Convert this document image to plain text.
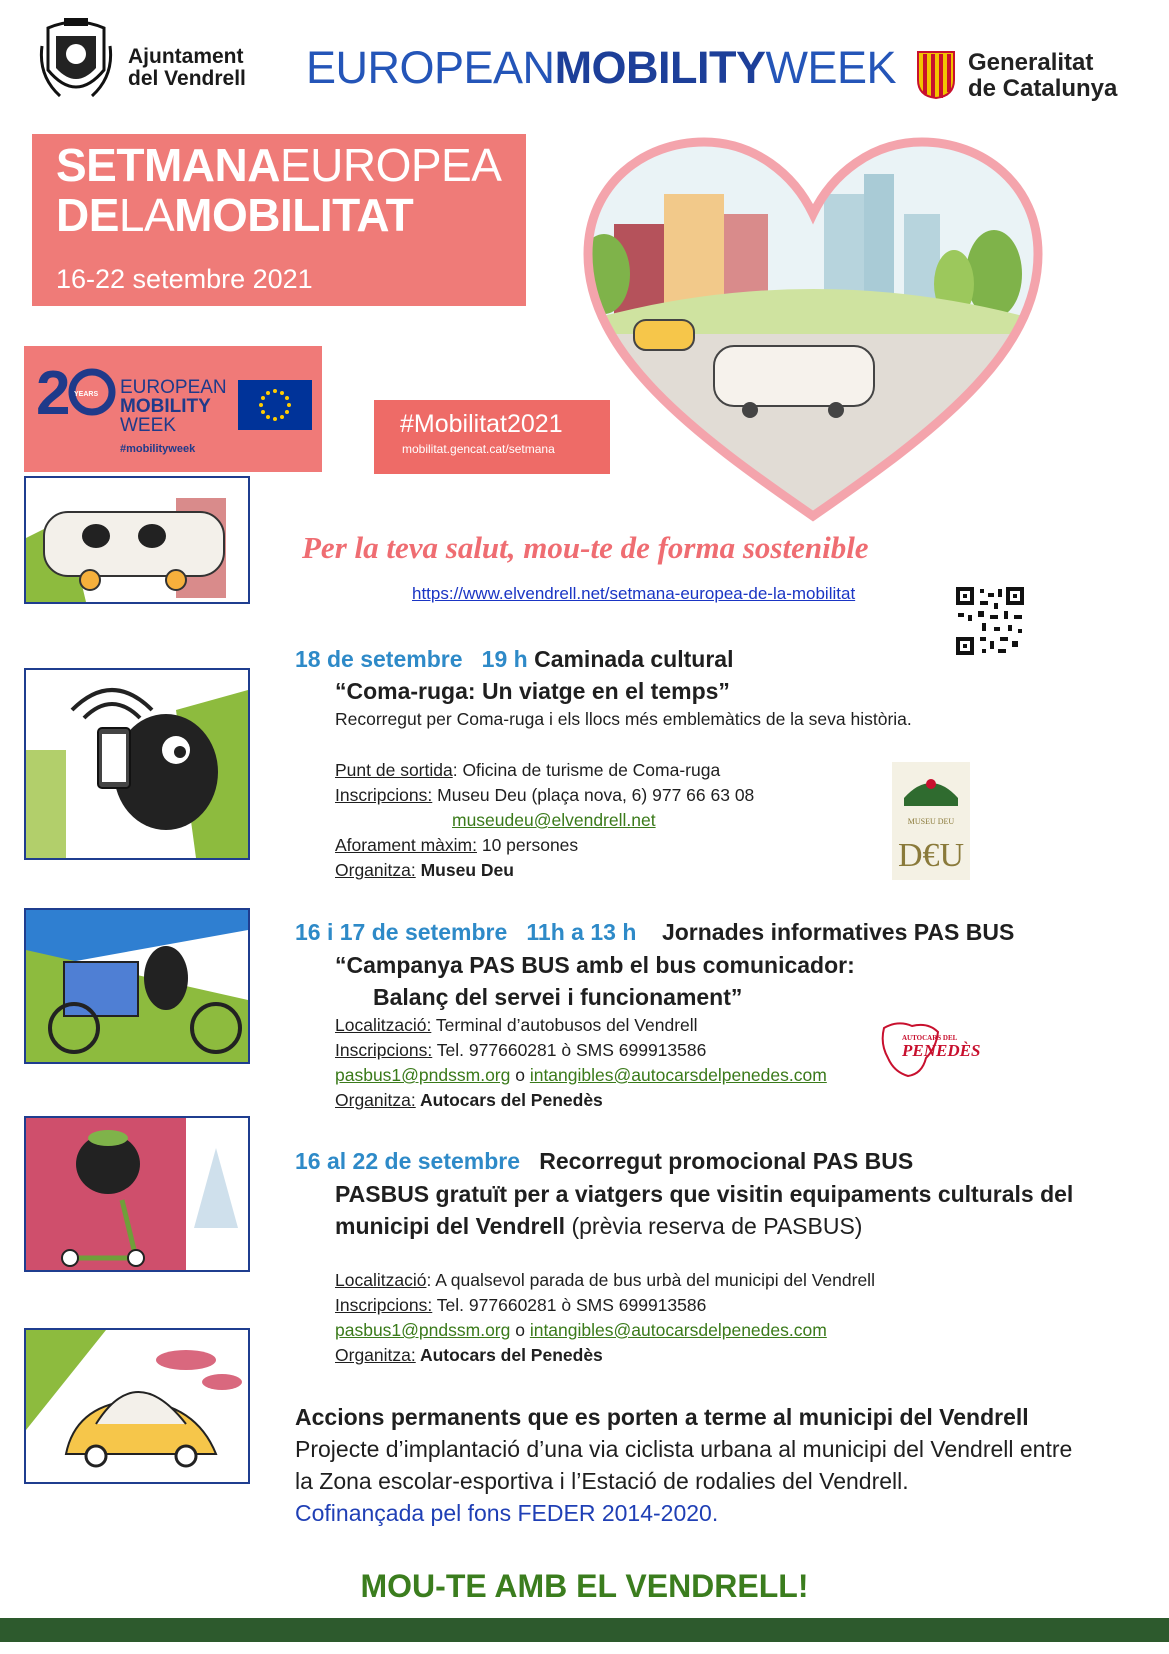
Ajuntament
del Vendrell EUROPEANMOBILITYWEEK	Generalitat
de Catalunya
SETMANAEUROPEA
DELAMOBILITAT
16-22 setembre 2021
2 YEARS EUROPEAN
MOBILITY
WEEK
#mobilityweek
#Mobilitat2021
mobilitat.gencat.cat/setmana
Per la teva salut, mou-te de forma sostenible
https://www.elvendrell.net/setmana-europea-de-la-mobilitat
18 de setembre 19 h Caminada cultural
“Coma-ruga: Un viatge en el temps”
Recorregut per Coma-ruga i els llocs més emblemàtics de la seva història.
Punt de sortida: Oficina de turisme de Coma-ruga
Inscripcions: Museu Deu (plaça nova, 6) 977 66 63 08
museudeu@elvendrell.net
Aforament màxim: 10 persones
Organitza: Museu Deu
MUSEU DEU
D€U
16 i 17 de setembre 11h a 13 h Jornades informatives PAS BUS
“Campanya PAS BUS amb el bus comunicador:
Balanç del servei i funcionament”
Localització: Terminal d’autobusos del Vendrell
Inscripcions: Tel. 977660281 ò SMS 699913586
pasbus1@pndssm.org o intangibles@autocarsdelpenedes.com
Organitza: Autocars del Penedès
AUTOCARS DEL
PENEDÈS
16 al 22 de setembre Recorregut promocional PAS BUS
PASBUS gratuït per a viatgers que visitin equipaments culturals del
municipi del Vendrell (prèvia reserva de PASBUS)
Localització: A qualsevol parada de bus urbà del municipi del Vendrell
Inscripcions: Tel. 977660281 ò SMS 699913586
pasbus1@pndssm.org o intangibles@autocarsdelpenedes.com
Organitza: Autocars del Penedès
Accions permanents que es porten a terme al municipi del Vendrell
Projecte d’implantació d’una via ciclista urbana al municipi del Vendrell entre
la Zona escolar-esportiva i l’Estació de rodalies del Vendrell.
Cofinançada pel fons FEDER 2014-2020.
MOU-TE AMB EL VENDRELL!
